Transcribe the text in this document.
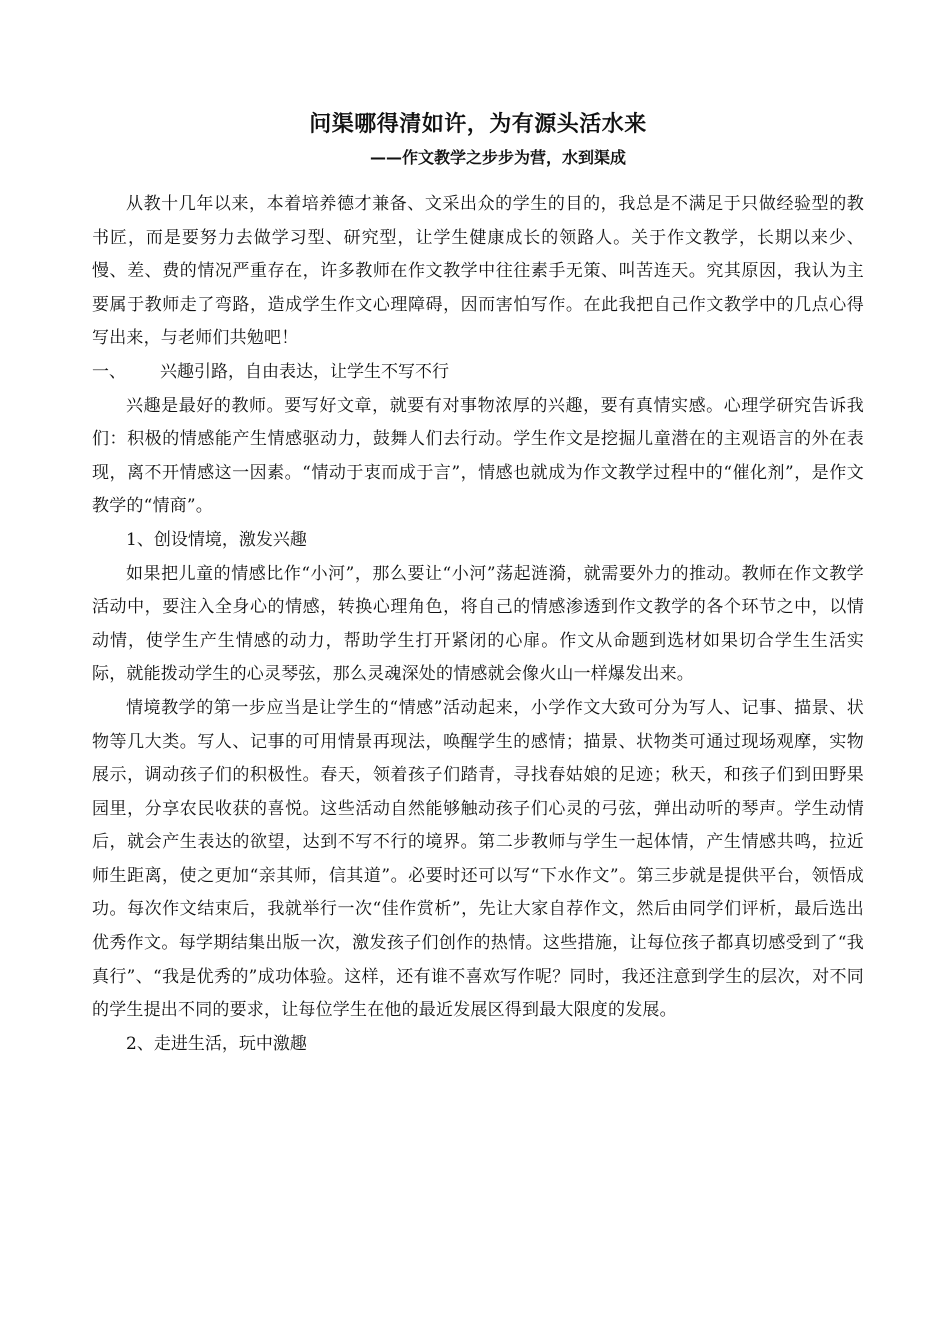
问渠哪得清如许，为有源头活水来
——作文教学之步步为营，水到渠成

从教十几年以来，本着培养德才兼备、文采出众的学生的目的，我总是不满足于只做经验型的教书匠，而是要努力去做学习型、研究型，让学生健康成长的领路人。关于作文教学，长期以来少、慢、差、费的情况严重存在，许多教师在作文教学中往往素手无策、叫苦连天。究其原因，我认为主要属于教师走了弯路，造成学生作文心理障碍，因而害怕写作。在此我把自己作文教学中的几点心得写出来，与老师们共勉吧！

一、	兴趣引路，自由表达，让学生不写不行

兴趣是最好的教师。要写好文章，就要有对事物浓厚的兴趣，要有真情实感。心理学研究告诉我们：积极的情感能产生情感驱动力，鼓舞人们去行动。学生作文是挖掘儿童潜在的主观语言的外在表现，离不开情感这一因素。“情动于衷而成于言”，情感也就成为作文教学过程中的“催化剂”，是作文教学的“情商”。

1、创设情境，激发兴趣

如果把儿童的情感比作“小河”，那么要让“小河”荡起涟漪，就需要外力的推动。教师在作文教学活动中，要注入全身心的情感，转换心理角色，将自己的情感渗透到作文教学的各个环节之中，以情动情，使学生产生情感的动力，帮助学生打开紧闭的心扉。作文从命题到选材如果切合学生生活实际，就能拨动学生的心灵琴弦，那么灵魂深处的情感就会像火山一样爆发出来。

情境教学的第一步应当是让学生的“情感”活动起来，小学作文大致可分为写人、记事、描景、状物等几大类。写人、记事的可用情景再现法，唤醒学生的感情；描景、状物类可通过现场观摩，实物展示，调动孩子们的积极性。春天，领着孩子们踏青，寻找春姑娘的足迹；秋天，和孩子们到田野果园里，分享农民收获的喜悦。这些活动自然能够触动孩子们心灵的弓弦，弹出动听的琴声。学生动情后，就会产生表达的欲望，达到不写不行的境界。第二步教师与学生一起体情，产生情感共鸣，拉近师生距离，使之更加“亲其师，信其道”。必要时还可以写“下水作文”。第三步就是提供平台，领悟成功。每次作文结束后，我就举行一次“佳作赏析”，先让大家自荐作文，然后由同学们评析，最后选出优秀作文。每学期结集出版一次，激发孩子们创作的热情。这些措施，让每位孩子都真切感受到了“我真行”、“我是优秀的”成功体验。这样，还有谁不喜欢写作呢？同时，我还注意到学生的层次，对不同的学生提出不同的要求，让每位学生在他的最近发展区得到最大限度的发展。

2、走进生活，玩中激趣
